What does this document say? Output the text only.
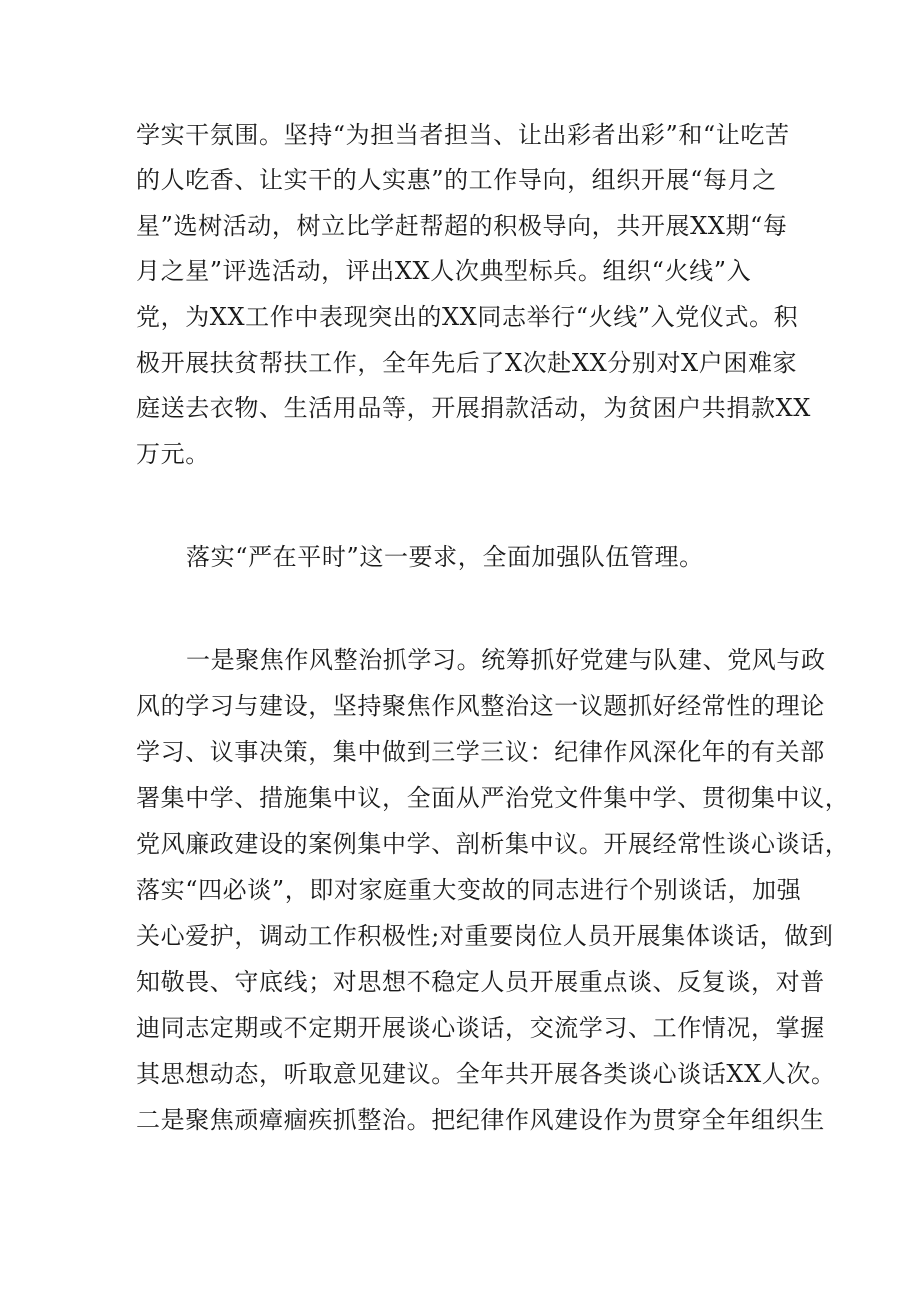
学实干氛围。坚持“为担当者担当、让出彩者出彩”和“让吃苦
的人吃香、让实干的人实惠”的工作导向，组织开展“每月之
星”选树活动，树立比学赶帮超的积极导向，共开展XX期“每
月之星”评选活动，评出XX人次典型标兵。组织“火线”入
党，为XX工作中表现突出的XX同志举行“火线”入党仪式。积
极开展扶贫帮扶工作，全年先后了X次赴XX分别对X户困难家
庭送去衣物、生活用品等，开展捐款活动，为贫困户共捐款XX
万元。
落实“严在平时”这一要求，全面加强队伍管理。
一是聚焦作风整治抓学习。统筹抓好党建与队建、党风与政
风的学习与建设，坚持聚焦作风整治这一议题抓好经常性的理论
学习、议事决策，集中做到三学三议：纪律作风深化年的有关部
署集中学、措施集中议，全面从严治党文件集中学、贯彻集中议，
党风廉政建设的案例集中学、剖析集中议。开展经常性谈心谈话，
落实“四必谈”，即对家庭重大变故的同志进行个别谈话，加强
关心爱护，调动工作积极性;对重要岗位人员开展集体谈话，做到
知敬畏、守底线；对思想不稳定人员开展重点谈、反复谈，对普
迪同志定期或不定期开展谈心谈话，交流学习、工作情况，掌握
其思想动态，听取意见建议。全年共开展各类谈心谈话XX人次。
二是聚焦顽瘴痼疾抓整治。把纪律作风建设作为贯穿全年组织生
